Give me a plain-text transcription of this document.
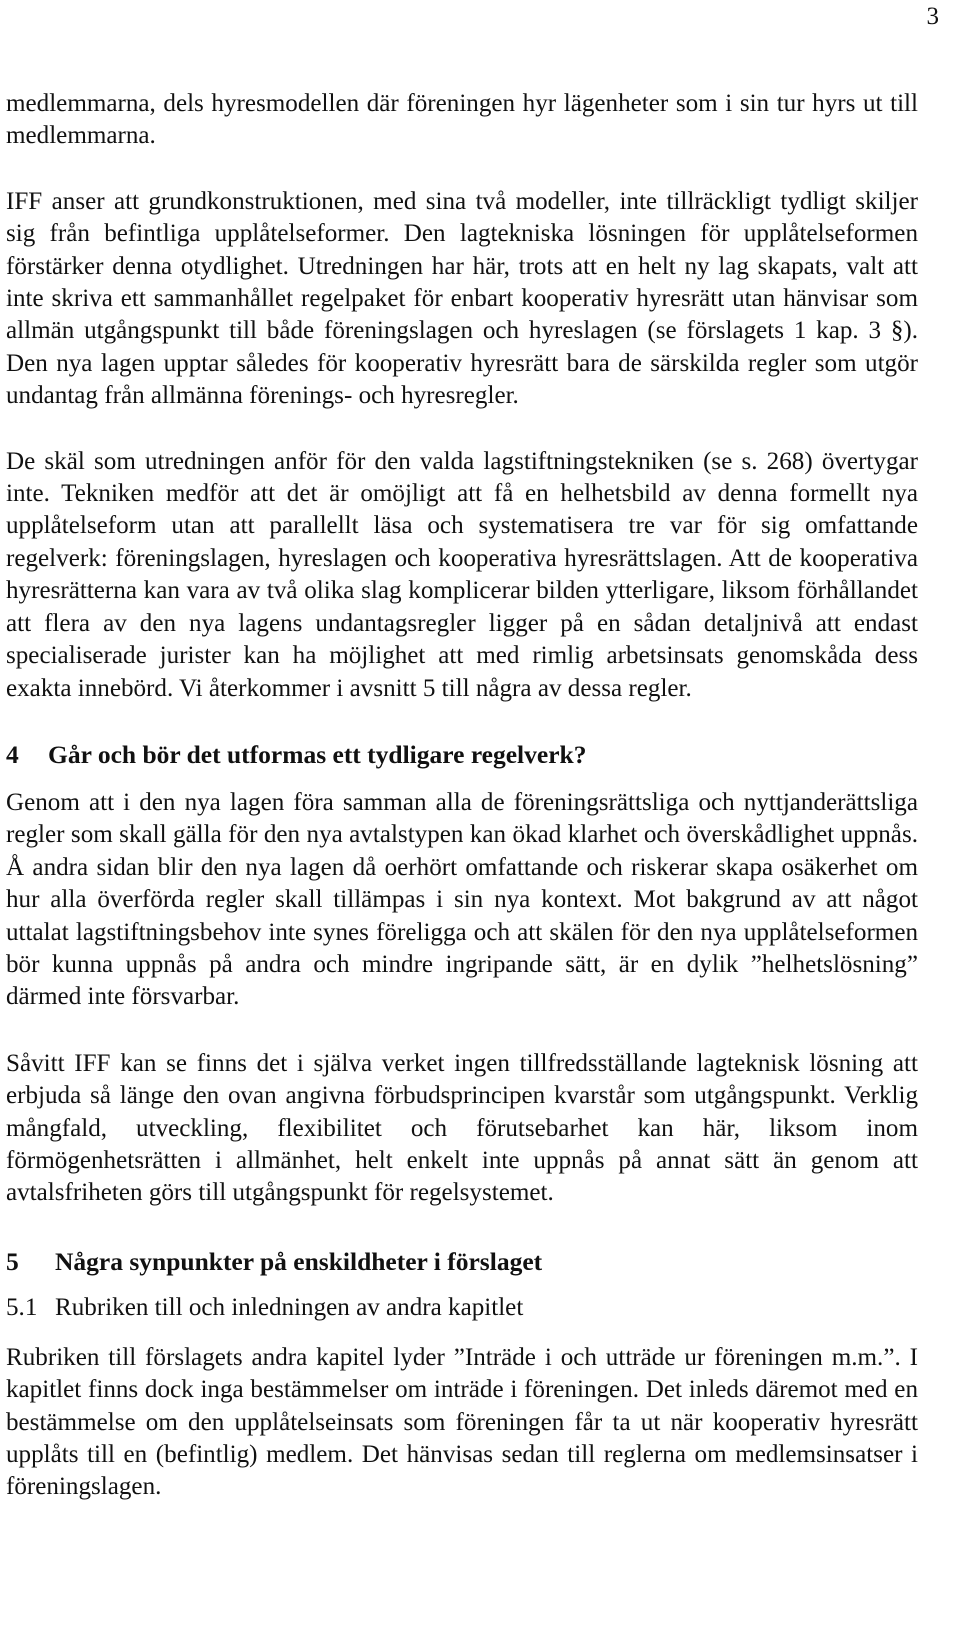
3

medlemmarna, dels hyresmodellen där föreningen hyr lägenheter som i sin tur hyrs ut till medlemmarna.

IFF anser att grundkonstruktionen, med sina två modeller, inte tillräckligt tydligt skiljer sig från befintliga upplåtelseformer. Den lagtekniska lösningen för upplåtelseformen förstärker denna otydlighet. Utredningen har här, trots att en helt ny lag skapats, valt att inte skriva ett sammanhållet regelpaket för enbart kooperativ hyresrätt utan hänvisar som allmän utgångspunkt till både föreningslagen och hyreslagen (se förslagets 1 kap. 3 §). Den nya lagen upptar således för kooperativ hyresrätt bara de särskilda regler som utgör undantag från allmänna förenings- och hyresregler.

De skäl som utredningen anför för den valda lagstiftningstekniken (se s. 268) övertygar inte. Tekniken medför att det är omöjligt att få en helhetsbild av denna formellt nya upplåtelseform utan att parallellt läsa och systematisera tre var för sig omfattande regelverk: föreningslagen, hyreslagen och kooperativa hyresrättslagen. Att de kooperativa hyresrätterna kan vara av två olika slag komplicerar bilden ytterligare, liksom förhållandet att flera av den nya lagens undantagsregler ligger på en sådan detaljnivå att endast specialiserade jurister kan ha möjlighet att med rimlig arbetsinsats genomskåda dess exakta innebörd. Vi återkommer i avsnitt 5 till några av dessa regler.

4	Går och bör det utformas ett tydligare regelverk?

Genom att i den nya lagen föra samman alla de föreningsrättsliga och nyttjanderättsliga regler som skall gälla för den nya avtalstypen kan ökad klarhet och överskådlighet uppnås. Å andra sidan blir den nya lagen då oerhört omfattande och riskerar skapa osäkerhet om hur alla överförda regler skall tillämpas i sin nya kontext. Mot bakgrund av att något uttalat lagstiftningsbehov inte synes föreligga och att skälen för den nya upplåtelseformen bör kunna uppnås på andra och mindre ingripande sätt, är en dylik ”helhetslösning” därmed inte försvarbar.

Såvitt IFF kan se finns det i själva verket ingen tillfredsställande lagteknisk lösning att erbjuda så länge den ovan angivna förbudsprincipen kvarstår som utgångspunkt. Verklig mångfald, utveckling, flexibilitet och förutsebarhet kan här, liksom inom förmögenhetsrätten i allmänhet, helt enkelt inte uppnås på annat sätt än genom att avtalsfriheten görs till utgångspunkt för regelsystemet.

5	Några synpunkter på enskildheter i förslaget
5.1 Rubriken till och inledningen av andra kapitlet

Rubriken till förslagets andra kapitel lyder ”Inträde i och utträde ur föreningen m.m.”. I kapitlet finns dock inga bestämmelser om inträde i föreningen. Det inleds däremot med en bestämmelse om den upplåtelseinsats som föreningen får ta ut när kooperativ hyresrätt upplåts till en (befintlig) medlem. Det hänvisas sedan till reglerna om medlemsinsatser i föreningslagen.
